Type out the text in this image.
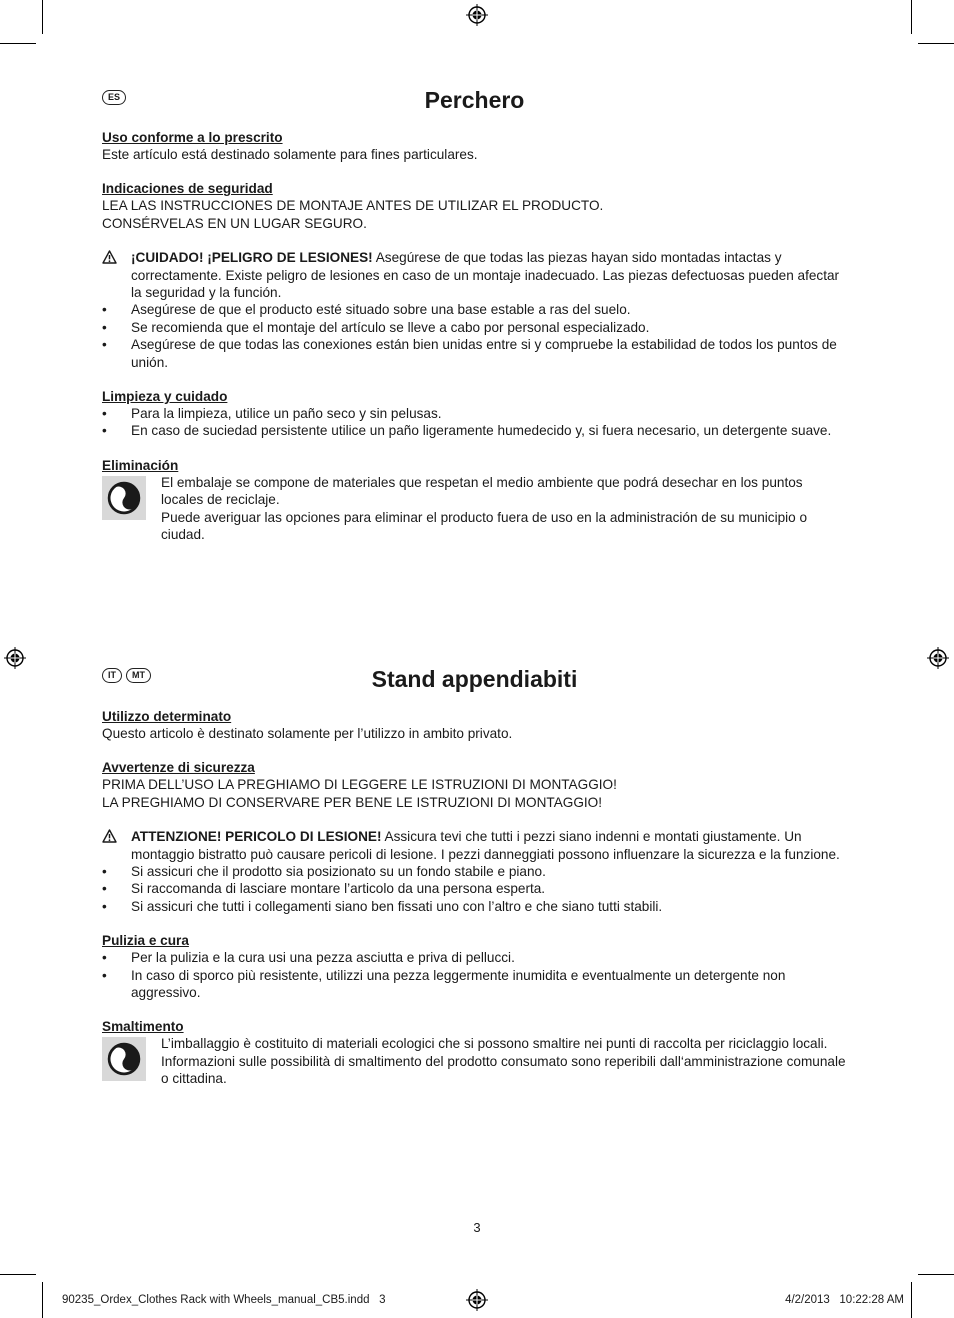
ES	Perchero

Uso conforme a lo prescrito

Este artículo está destinado solamente para fines particulares.

Indicaciones de seguridad

LEA LAS INSTRUCCIONES DE MONTAJE ANTES DE UTILIZAR EL PRODUCTO.

CONSÉRVELAS EN UN LUGAR SEGURO.

¡CUIDADO! ¡PELIGRO DE LESIONES! Asegúrese de que todas las piezas hayan sido montadas intactas y correctamente. Existe peligro de lesiones en caso de un montaje inadecuado. Las piezas defectuosas pueden afectar la seguridad y la función.
•	Asegúrese de que el producto esté situado sobre una base estable a ras del suelo.
•	Se recomienda que el montaje del artículo se lleve a cabo por personal especializado.
•	Asegúrese de que todas las conexiones están bien unidas entre si y compruebe la estabilidad de todos los puntos de unión.

Limpieza y cuidado

•	Para la limpieza, utilice un paño seco y sin pelusas.
•	En caso de suciedad persistente utilice un paño ligeramente humedecido y, si fuera necesario, un detergente suave.

Eliminación

El embalaje se compone de materiales que respetan el medio ambiente que podrá desechar en los puntos locales de reciclaje.

Puede averiguar las opciones para eliminar el producto fuera de uso en la administración de su municipio o ciudad.

IT	MT	Stand appendiabiti

Utilizzo determinato

Questo articolo è destinato solamente per l’utilizzo in ambito privato.

Avvertenze di sicurezza

PRIMA DELL’USO LA PREGHIAMO DI LEGGERE LE ISTRUZIONI DI MONTAGGIO!

LA PREGHIAMO DI CONSERVARE PER BENE LE ISTRUZIONI DI MONTAGGIO!

ATTENZIONE! PERICOLO DI LESIONE! Assicura tevi che tutti i pezzi siano indenni e montati giustamente. Un montaggio bistratto può causare pericoli di lesione. I pezzi danneggiati possono influenzare la sicurezza e la funzione.
•	Si assicuri che il prodotto sia posizionato su un fondo stabile e piano.
•	Si raccomanda di lasciare montare l’articolo da una persona esperta.
•	Si assicuri che tutti i collegamenti siano ben fissati uno con l’altro e che siano tutti stabili.

Pulizia e cura

•	Per la pulizia e la cura usi una pezza asciutta e priva di pellucci.
•	In caso di sporco più resistente, utilizzi una pezza leggermente inumidita e eventualmente un detergente non aggressivo.

Smaltimento

L’imballaggio è costituito di materiali ecologici che si possono smaltire nei punti di raccolta per riciclaggio locali.

Informazioni sulle possibilità di smaltimento del prodotto consumato sono reperibili dall‘amministrazione comunale o cittadina.

3
90235_Ordex_Clothes Rack with Wheels_manual_CB5.indd   3	4/2/2013   10:22:28 AM
